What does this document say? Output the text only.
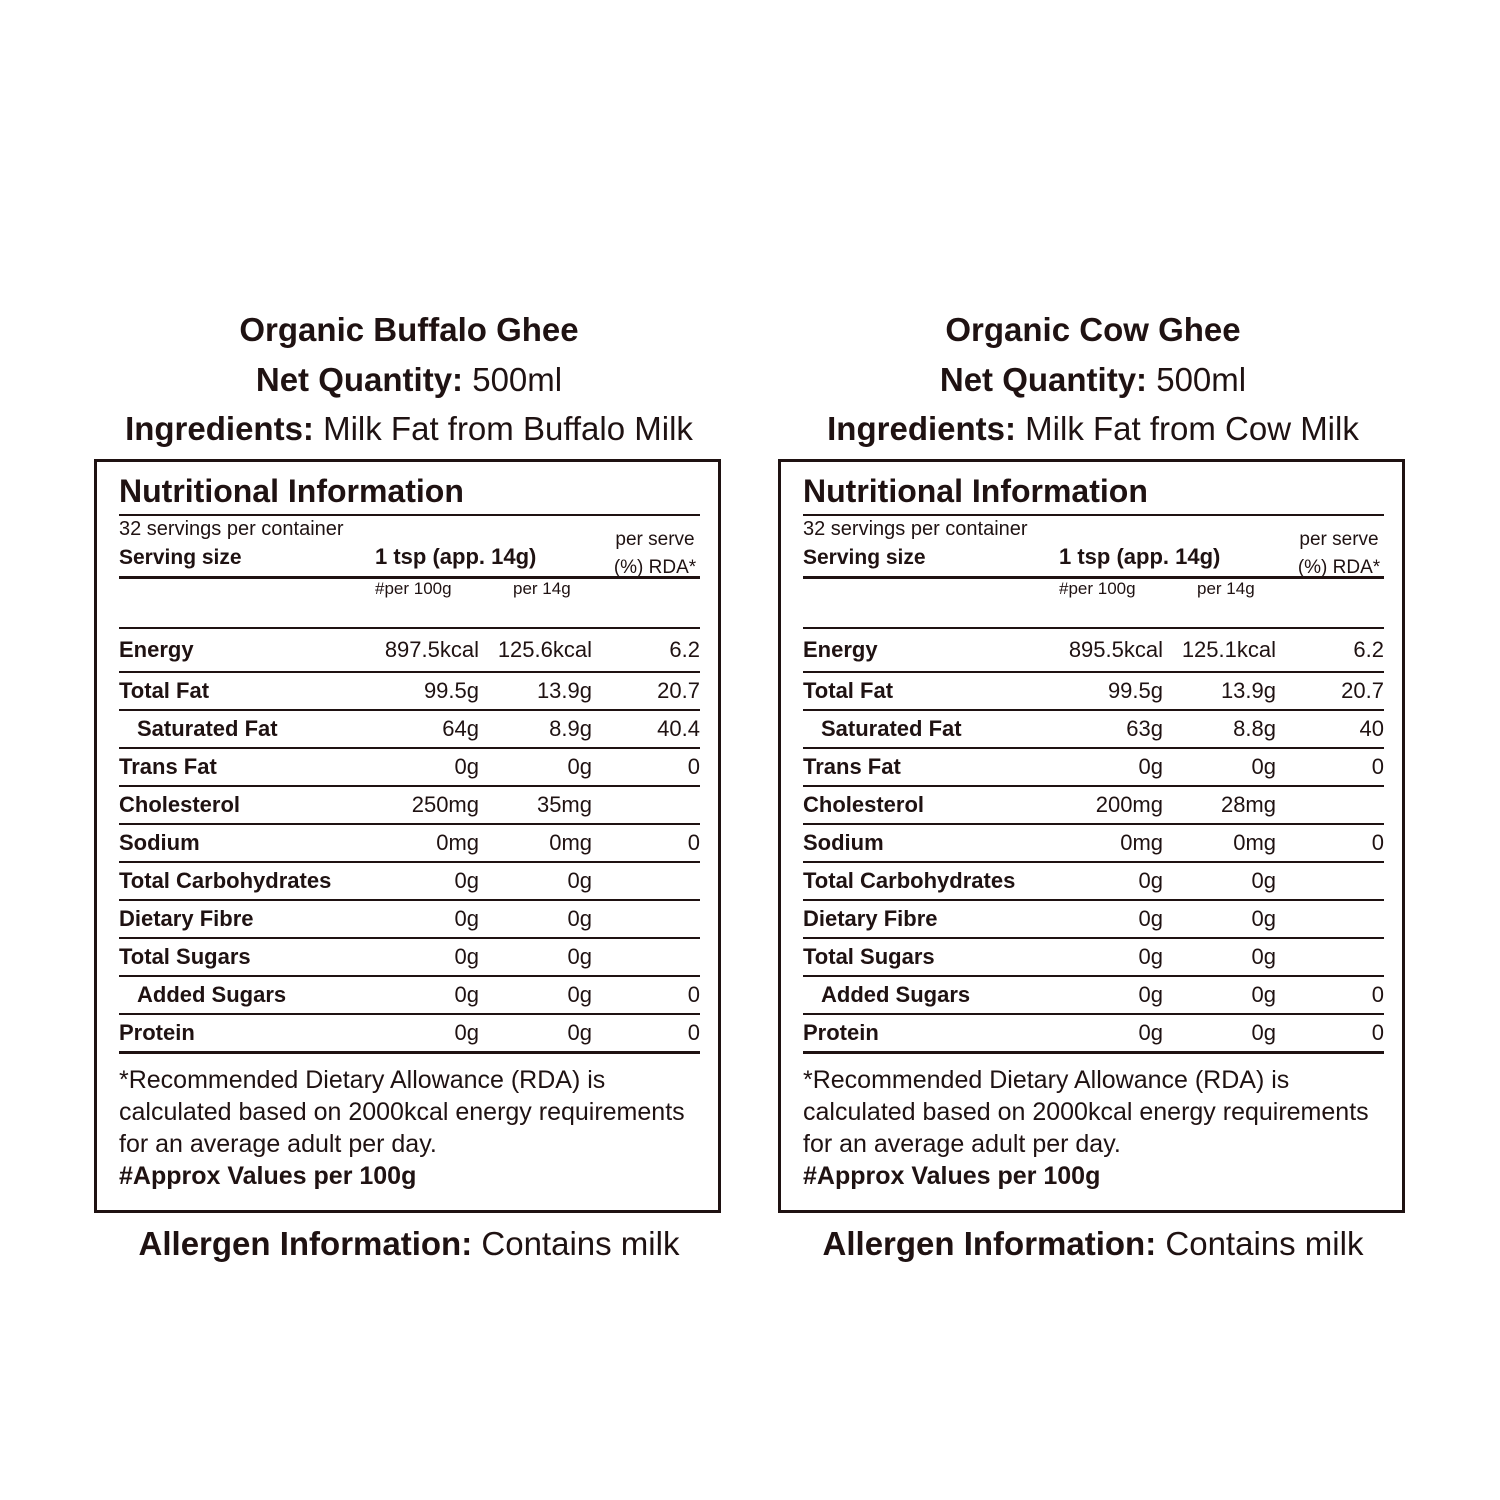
Organic Buffalo Ghee
Net Quantity: 500ml
Ingredients: Milk Fat from Buffalo Milk
Nutritional Information
32 servings per container
Serving size	1 tsp (app. 14g)
per serve
(%) RDA*
#per 100g	per 14g
Energy	897.5kcal	125.6kcal	6.2
Total Fat	99.5g	13.9g	20.7
Saturated Fat	64g	8.9g	40.4
Trans Fat	0g	0g	0
Cholesterol	250mg	35mg	
Sodium	0mg	0mg	0
Total Carbohydrates	0g	0g	
Dietary Fibre	0g	0g	
Total Sugars	0g	0g	
Added Sugars	0g	0g	0
Protein	0g	0g	0
*Recommended Dietary Allowance (RDA) is calculated based on 2000kcal energy requirements for an average adult per day.
#Approx Values per 100g
Allergen Information: Contains milk
Organic Cow Ghee
Net Quantity: 500ml
Ingredients: Milk Fat from Cow Milk
Nutritional Information
32 servings per container
Serving size	1 tsp (app. 14g)
per serve
(%) RDA*
#per 100g	per 14g
Energy	895.5kcal	125.1kcal	6.2
Total Fat	99.5g	13.9g	20.7
Saturated Fat	63g	8.8g	40
Trans Fat	0g	0g	0
Cholesterol	200mg	28mg	
Sodium	0mg	0mg	0
Total Carbohydrates	0g	0g	
Dietary Fibre	0g	0g	
Total Sugars	0g	0g	
Added Sugars	0g	0g	0
Protein	0g	0g	0
*Recommended Dietary Allowance (RDA) is calculated based on 2000kcal energy requirements for an average adult per day.
#Approx Values per 100g
Allergen Information: Contains milk
